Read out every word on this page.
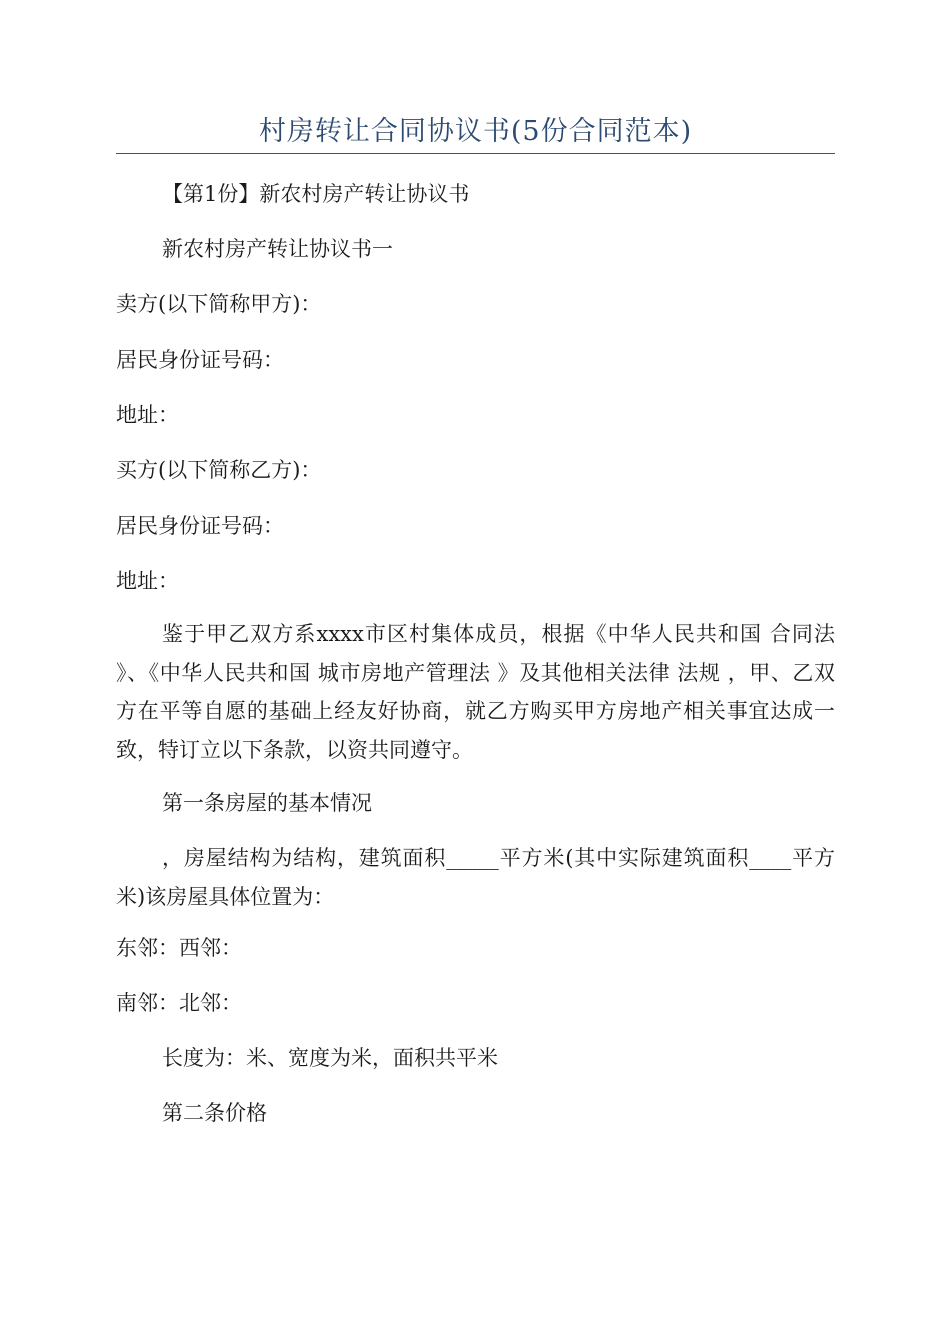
村房转让合同协议书(5份合同范本)
【第1份】新农村房产转让协议书
新农村房产转让协议书一
卖方(以下简称甲方)：
居民身份证号码：
地址：
买方(以下简称乙方)：
居民身份证号码：
地址：

鉴于甲乙双方系xxxx市区村集体成员，根据《中华人民共和国 合同法 》、《中华人民共和国 城市房地产管理法 》及其他相关法律 法规 ，甲、乙双方在平等自愿的基础上经友好协商，就乙方购买甲方房地产相关事宜达成一致，特订立以下条款，以资共同遵守。

第一条房屋的基本情况

，房屋结构为结构，建筑面积_____平方米(其中实际建筑面积____平方米)该房屋具体位置为：

东邻：西邻：
南邻：北邻：
长度为：米、宽度为米，面积共平米
第二条价格
